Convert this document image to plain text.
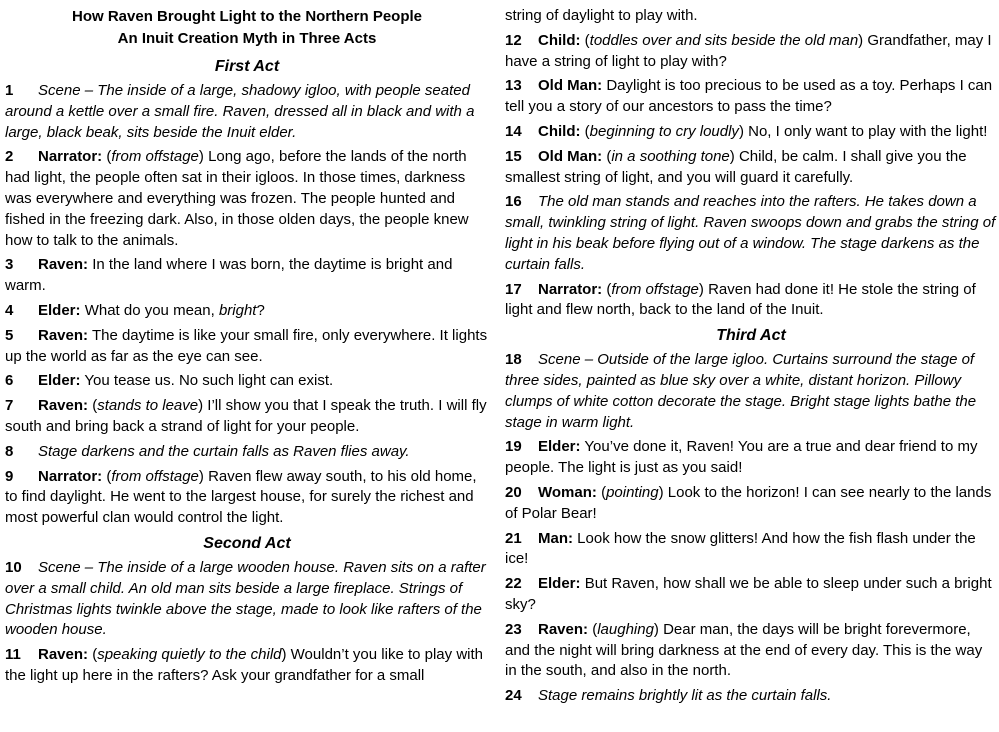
How Raven Brought Light to the Northern People
An Inuit Creation Myth in Three Acts
First Act

1 Scene – The inside of a large, shadowy igloo, with people seated around a kettle over a small fire. Raven, dressed all in black and with a large, black beak, sits beside the Inuit elder.

2 Narrator: (from offstage) Long ago, before the lands of the north had light, the people often sat in their igloos. In those times, darkness was everywhere and everything was frozen. The people hunted and fished in the freezing dark. Also, in those olden days, the people knew how to talk to the animals.

3 Raven: In the land where I was born, the daytime is bright and warm.

4 Elder: What do you mean, bright?

5 Raven: The daytime is like your small fire, only everywhere. It lights up the world as far as the eye can see.

6 Elder: You tease us. No such light can exist.

7 Raven: (stands to leave) I’ll show you that I speak the truth. I will fly south and bring back a strand of light for your people.

8 Stage darkens and the curtain falls as Raven flies away.

9 Narrator: (from offstage) Raven flew away south, to his old home, to find daylight. He went to the largest house, for surely the richest and most powerful clan would control the light.

Second Act

10 Scene – The inside of a large wooden house. Raven sits on a rafter over a small child. An old man sits beside a large fireplace. Strings of Christmas lights twinkle above the stage, made to look like rafters of the wooden house.

11 Raven: (speaking quietly to the child) Wouldn’t you like to play with the light up here in the rafters? Ask your grandfather for a small

string of daylight to play with.

12 Child: (toddles over and sits beside the old man) Grandfather, may I have a string of light to play with?

13 Old Man: Daylight is too precious to be used as a toy. Perhaps I can tell you a story of our ancestors to pass the time?

14 Child: (beginning to cry loudly) No, I only want to play with the light!

15 Old Man: (in a soothing tone) Child, be calm. I shall give you the smallest string of light, and you will guard it carefully.

16 The old man stands and reaches into the rafters. He takes down a small, twinkling string of light. Raven swoops down and grabs the string of light in his beak before flying out of a window. The stage darkens as the curtain falls.

17 Narrator: (from offstage) Raven had done it! He stole the string of light and flew north, back to the land of the Inuit.

Third Act

18 Scene – Outside of the large igloo. Curtains surround the stage of three sides, painted as blue sky over a white, distant horizon. Pillowy clumps of white cotton decorate the stage. Bright stage lights bathe the stage in warm light.

19 Elder: You’ve done it, Raven! You are a true and dear friend to my people. The light is just as you said!

20 Woman: (pointing) Look to the horizon! I can see nearly to the lands of Polar Bear!

21 Man: Look how the snow glitters! And how the fish flash under the ice!

22 Elder: But Raven, how shall we be able to sleep under such a bright sky?

23 Raven: (laughing) Dear man, the days will be bright forevermore, and the night will bring darkness at the end of every day. This is the way in the south, and also in the north.

24 Stage remains brightly lit as the curtain falls.
